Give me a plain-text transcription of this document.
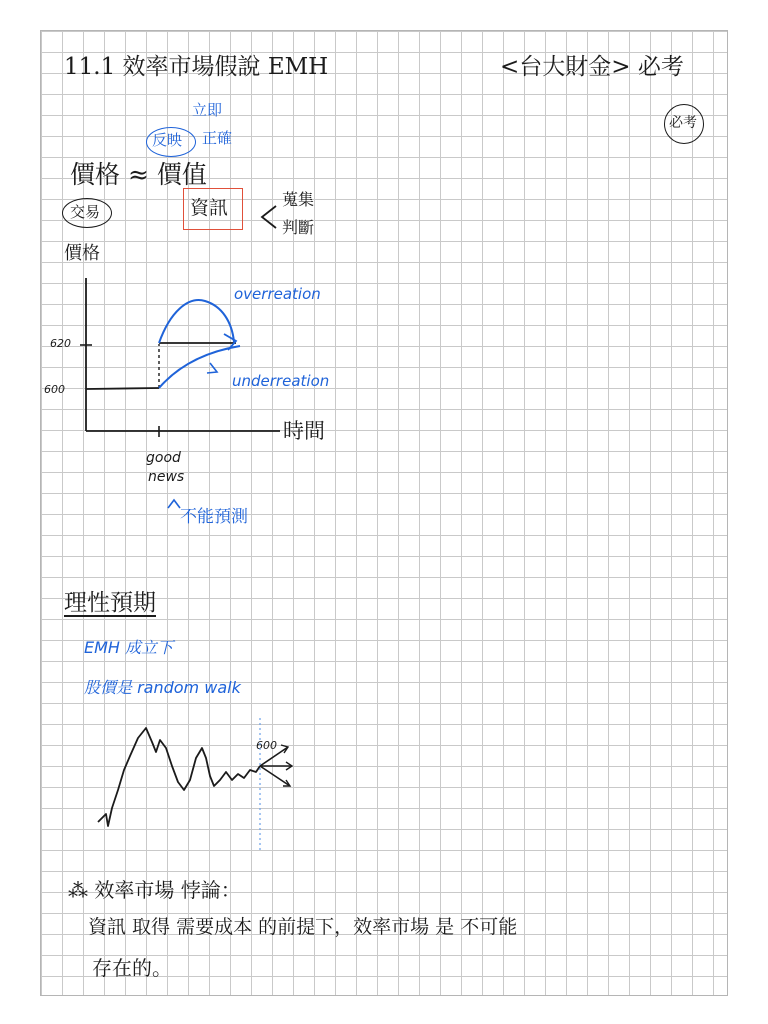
11.1 效率市場假說 EMH	<台大財金> 必考
必考
立即
反映 正確
價格 ≈ 價值
交易	資訊	蒐集
判斷
價格
620
600
overreation
underreation
時間
good
news
不能預測
理性預期
EMH 成立下
股價是 random walk
600
⁂ 效率市場 悖論：
資訊 取得 需要成本 的前提下，效率市場 是 不可能
存在的。
